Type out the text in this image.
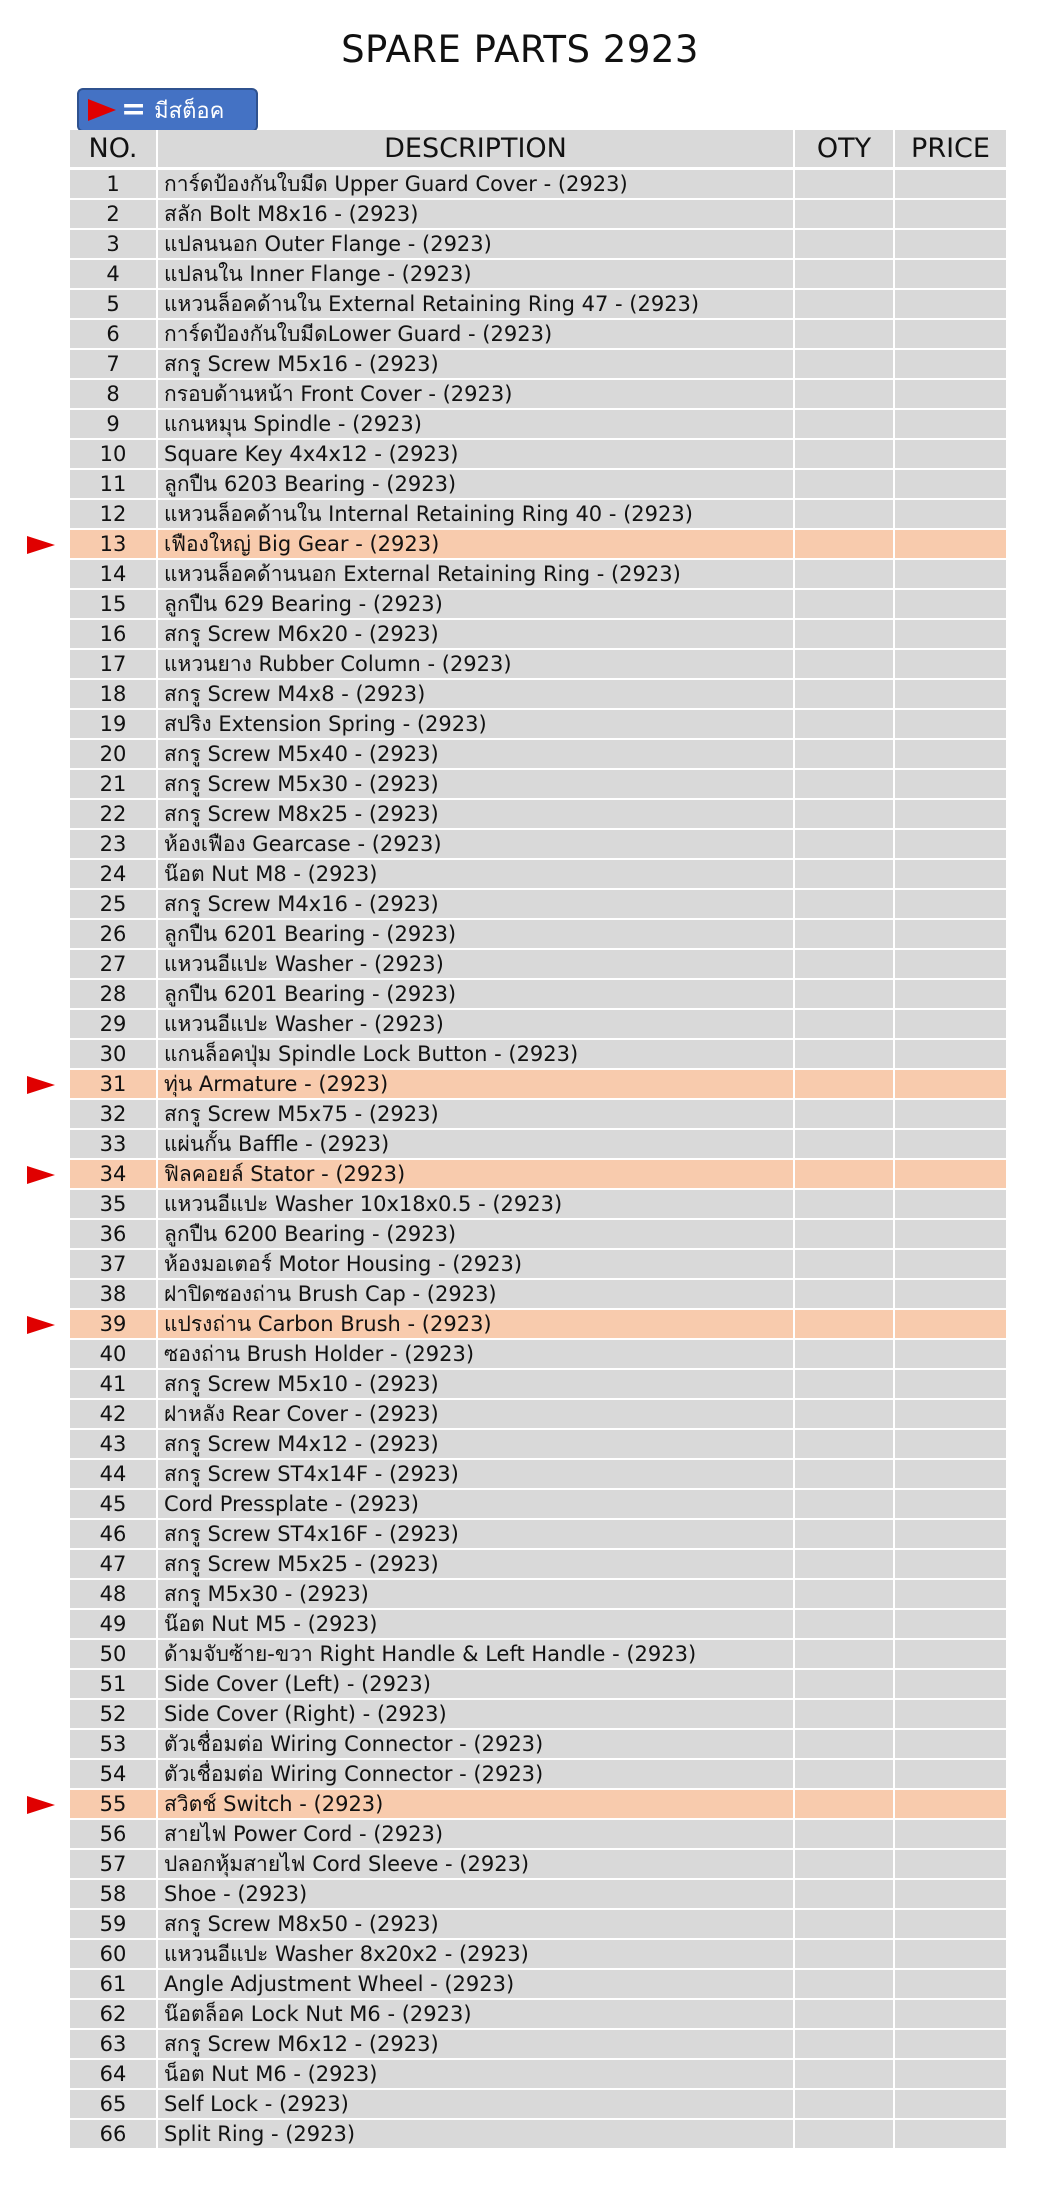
SPARE PARTS 2923
= มีสต็อค
NO.	DESCRIPTION	OTY	PRICE
1	การ์ดป้องกันใบมีด Upper Guard Cover - (2923)
2	สลัก Bolt M8x16 - (2923)
3	แปลนนอก Outer Flange - (2923)
4	แปลนใน Inner Flange - (2923)
5	แหวนล็อคด้านใน External Retaining Ring 47 - (2923)
6	การ์ดป้องกันใบมีดLower Guard - (2923)
7	สกรู Screw M5x16 - (2923)
8	กรอบด้านหน้า Front Cover - (2923)
9	แกนหมุน Spindle - (2923)
10	Square Key 4x4x12 - (2923)
11	ลูกปืน 6203 Bearing - (2923)
12	แหวนล็อคด้านใน Internal Retaining Ring 40 - (2923)
13	เฟืองใหญ่ Big Gear - (2923)
14	แหวนล็อคด้านนอก External Retaining Ring - (2923)
15	ลูกปืน 629 Bearing - (2923)
16	สกรู Screw M6x20 - (2923)
17	แหวนยาง Rubber Column - (2923)
18	สกรู Screw M4x8 - (2923)
19	สปริง Extension Spring - (2923)
20	สกรู Screw M5x40 - (2923)
21	สกรู Screw M5x30 - (2923)
22	สกรู Screw M8x25 - (2923)
23	ห้องเฟือง Gearcase - (2923)
24	น๊อต Nut M8 - (2923)
25	สกรู Screw M4x16 - (2923)
26	ลูกปืน 6201 Bearing - (2923)
27	แหวนอีแปะ Washer - (2923)
28	ลูกปืน 6201 Bearing - (2923)
29	แหวนอีแปะ Washer - (2923)
30	แกนล็อคปุ่ม Spindle Lock Button - (2923)
31	ทุ่น Armature - (2923)
32	สกรู Screw M5x75 - (2923)
33	แผ่นกั้น Baffle - (2923)
34	ฟิลคอยล์ Stator - (2923)
35	แหวนอีแปะ Washer 10x18x0.5 - (2923)
36	ลูกปืน 6200 Bearing - (2923)
37	ห้องมอเตอร์ Motor Housing - (2923)
38	ฝาปิดซองถ่าน Brush Cap - (2923)
39	แปรงถ่าน Carbon Brush - (2923)
40	ซองถ่าน Brush Holder - (2923)
41	สกรู Screw M5x10 - (2923)
42	ฝาหลัง Rear Cover - (2923)
43	สกรู Screw M4x12 - (2923)
44	สกรู Screw ST4x14F - (2923)
45	Cord Pressplate - (2923)
46	สกรู Screw ST4x16F - (2923)
47	สกรู Screw M5x25 - (2923)
48	สกรู M5x30 - (2923)
49	น๊อต Nut M5 - (2923)
50	ด้ามจับซ้าย-ขวา Right Handle & Left Handle - (2923)
51	Side Cover (Left) - (2923)
52	Side Cover (Right) - (2923)
53	ตัวเชื่อมต่อ Wiring Connector - (2923)
54	ตัวเชื่อมต่อ Wiring Connector - (2923)
55	สวิตช์ Switch - (2923)
56	สายไฟ Power Cord - (2923)
57	ปลอกหุ้มสายไฟ Cord Sleeve - (2923)
58	Shoe - (2923)
59	สกรู Screw M8x50 - (2923)
60	แหวนอีแปะ Washer 8x20x2 - (2923)
61	Angle Adjustment Wheel - (2923)
62	น๊อตล็อค Lock Nut M6 - (2923)
63	สกรู Screw M6x12 - (2923)
64	น็อต Nut M6 - (2923)
65	Self Lock - (2923)
66	Split Ring - (2923)
